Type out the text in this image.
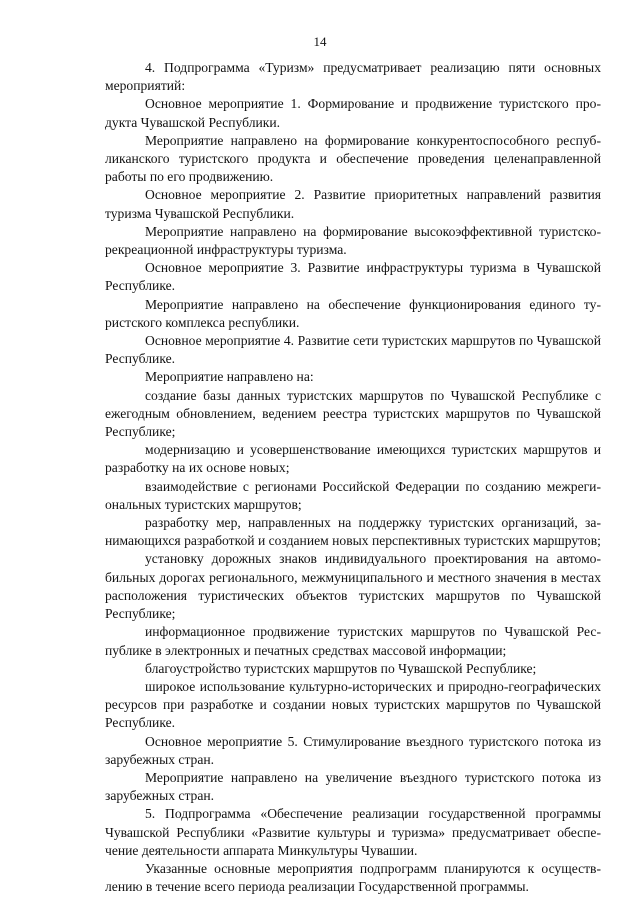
14

4. Подпрограмма «Туризм» предусматривает реализацию пяти основных мероприятий:

Основное мероприятие 1. Формирование и продвижение туристского продукта Чувашской Республики.

Мероприятие направлено на формирование конкурентоспособного республиканского туристского продукта и обеспечение проведения целенаправленной работы по его продвижению.

Основное мероприятие 2. Развитие приоритетных направлений развития туризма Чувашской Республики.

Мероприятие направлено на формирование высокоэффективной туристско-рекреационной инфраструктуры туризма.

Основное мероприятие 3. Развитие инфраструктуры туризма в Чувашской Республике.

Мероприятие направлено на обеспечение функционирования единого туристского комплекса республики.

Основное мероприятие 4. Развитие сети туристских маршрутов по Чувашской Республике.

Мероприятие направлено на:

создание базы данных туристских маршрутов по Чувашской Республике с ежегодным обновлением, ведением реестра туристских маршрутов по Чувашской Республике;

модернизацию и усовершенствование имеющихся туристских маршрутов и разработку на их основе новых;

взаимодействие с регионами Российской Федерации по созданию межрегиональных туристских маршрутов;

разработку мер, направленных на поддержку туристских организаций, занимающихся разработкой и созданием новых перспективных туристских маршрутов;

установку дорожных знаков индивидуального проектирования на автомобильных дорогах регионального, межмуниципального и местного значения в местах расположения туристических объектов туристских маршрутов по Чувашской Республике;

информационное продвижение туристских маршрутов по Чувашской Республике в электронных и печатных средствах массовой информации;

благоустройство туристских маршрутов по Чувашской Республике;

широкое использование культурно-исторических и природно-географических ресурсов при разработке и создании новых туристских маршрутов по Чувашской Республике.

Основное мероприятие 5. Стимулирование въездного туристского потока из зарубежных стран.

Мероприятие направлено на увеличение въездного туристского потока из зарубежных стран.

5. Подпрограмма «Обеспечение реализации государственной программы Чувашской Республики «Развитие культуры и туризма» предусматривает обеспечение деятельности аппарата Минкультуры Чувашии.

Указанные основные мероприятия подпрограмм планируются к осуществлению в течение всего периода реализации Государственной программы.
